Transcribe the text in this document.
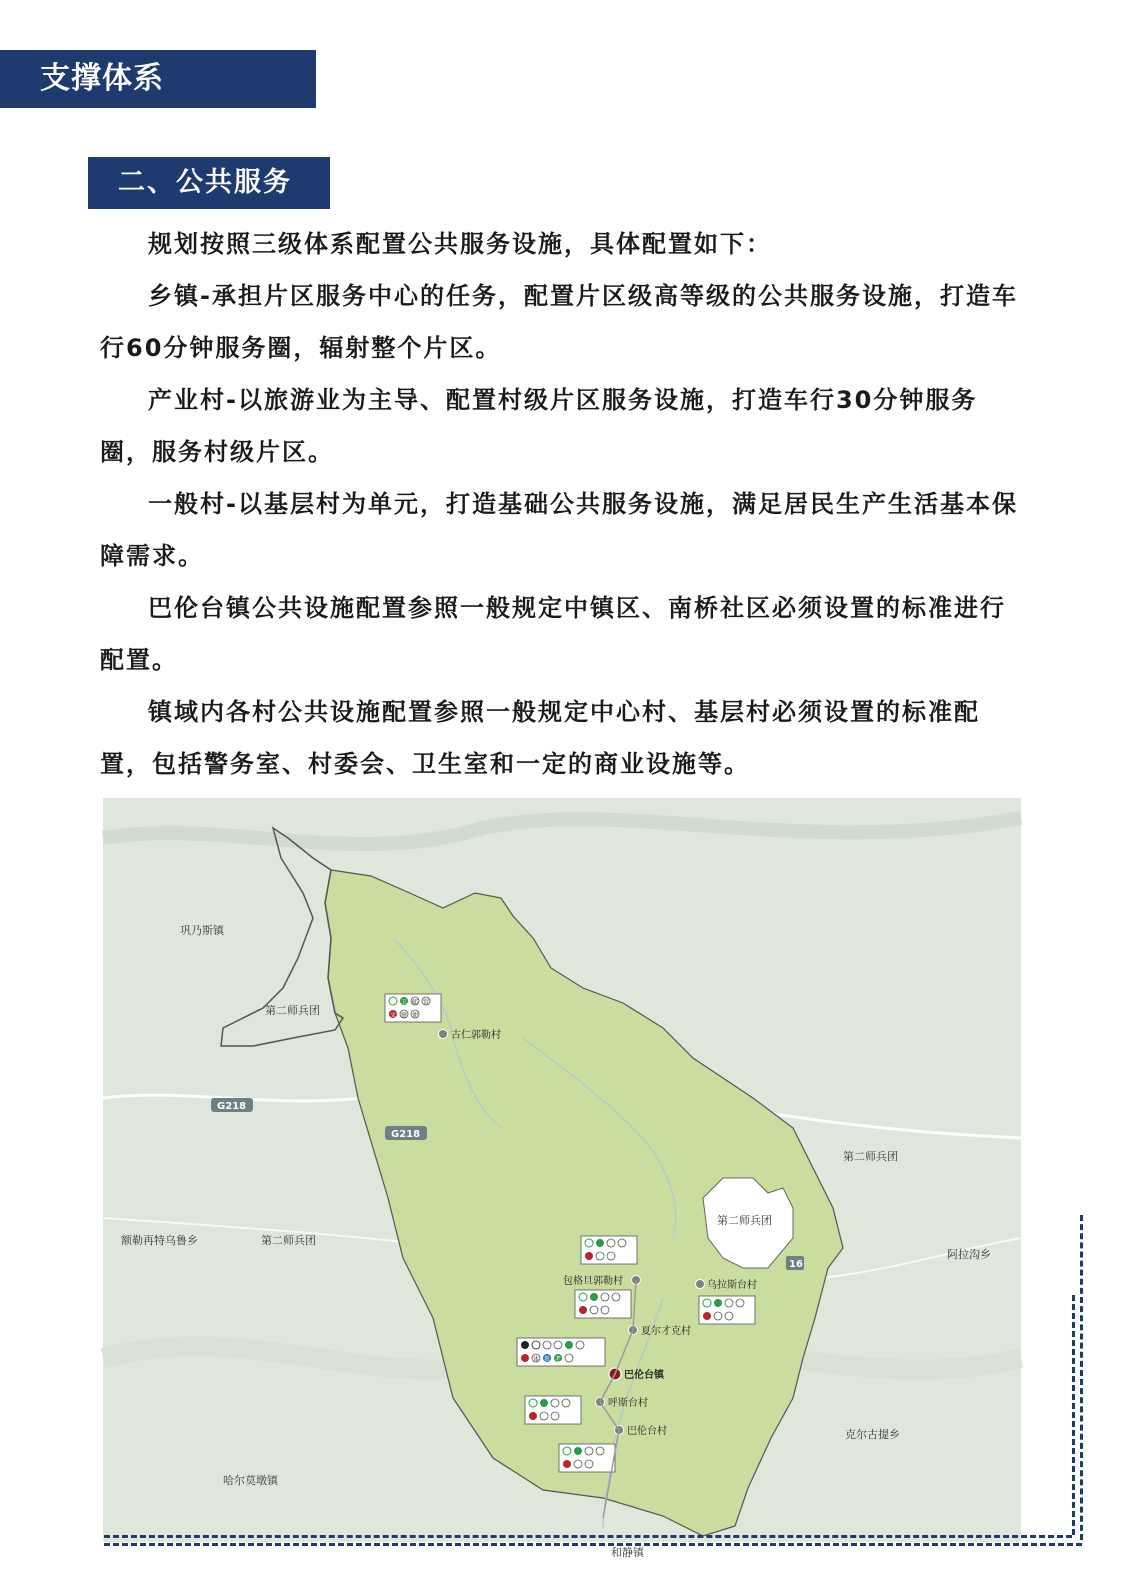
支撑体系
二、公共服务

规划按照三级体系配置公共服务设施，具体配置如下：

乡镇-承担片区服务中心的任务，配置片区级高等级的公共服务设施，打造车行60分钟服务圈，辐射整个片区。

产业村-以旅游业为主导、配置村级片区服务设施，打造车行30分钟服务圈，服务村级片区。

一般村-以基层村为单元，打造基础公共服务设施，满足居民生产生活基本保障需求。

巴伦台镇公共设施配置参照一般规定中镇区、南桥社区必须设置的标准进行配置。

镇域内各村公共设施配置参照一般规定中心村、基层村必须设置的标准配置，包括警务室、村委会、卫生室和一定的商业设施等。

巩乃斯镇
第二师兵团
第二师兵团
第二师兵团
第二师兵团
额勒再特乌鲁乡
阿拉沟乡
克尔古提乡
哈尔莫墩镇
和静镇
G218
G218
16
古仁郭勒村
卫 邮 贸
文 健 便
包格旦郭勒村	乌拉斯台村
夏尔才克村
巴伦台镇
体 教 老
呼斯台村
巴伦台村
